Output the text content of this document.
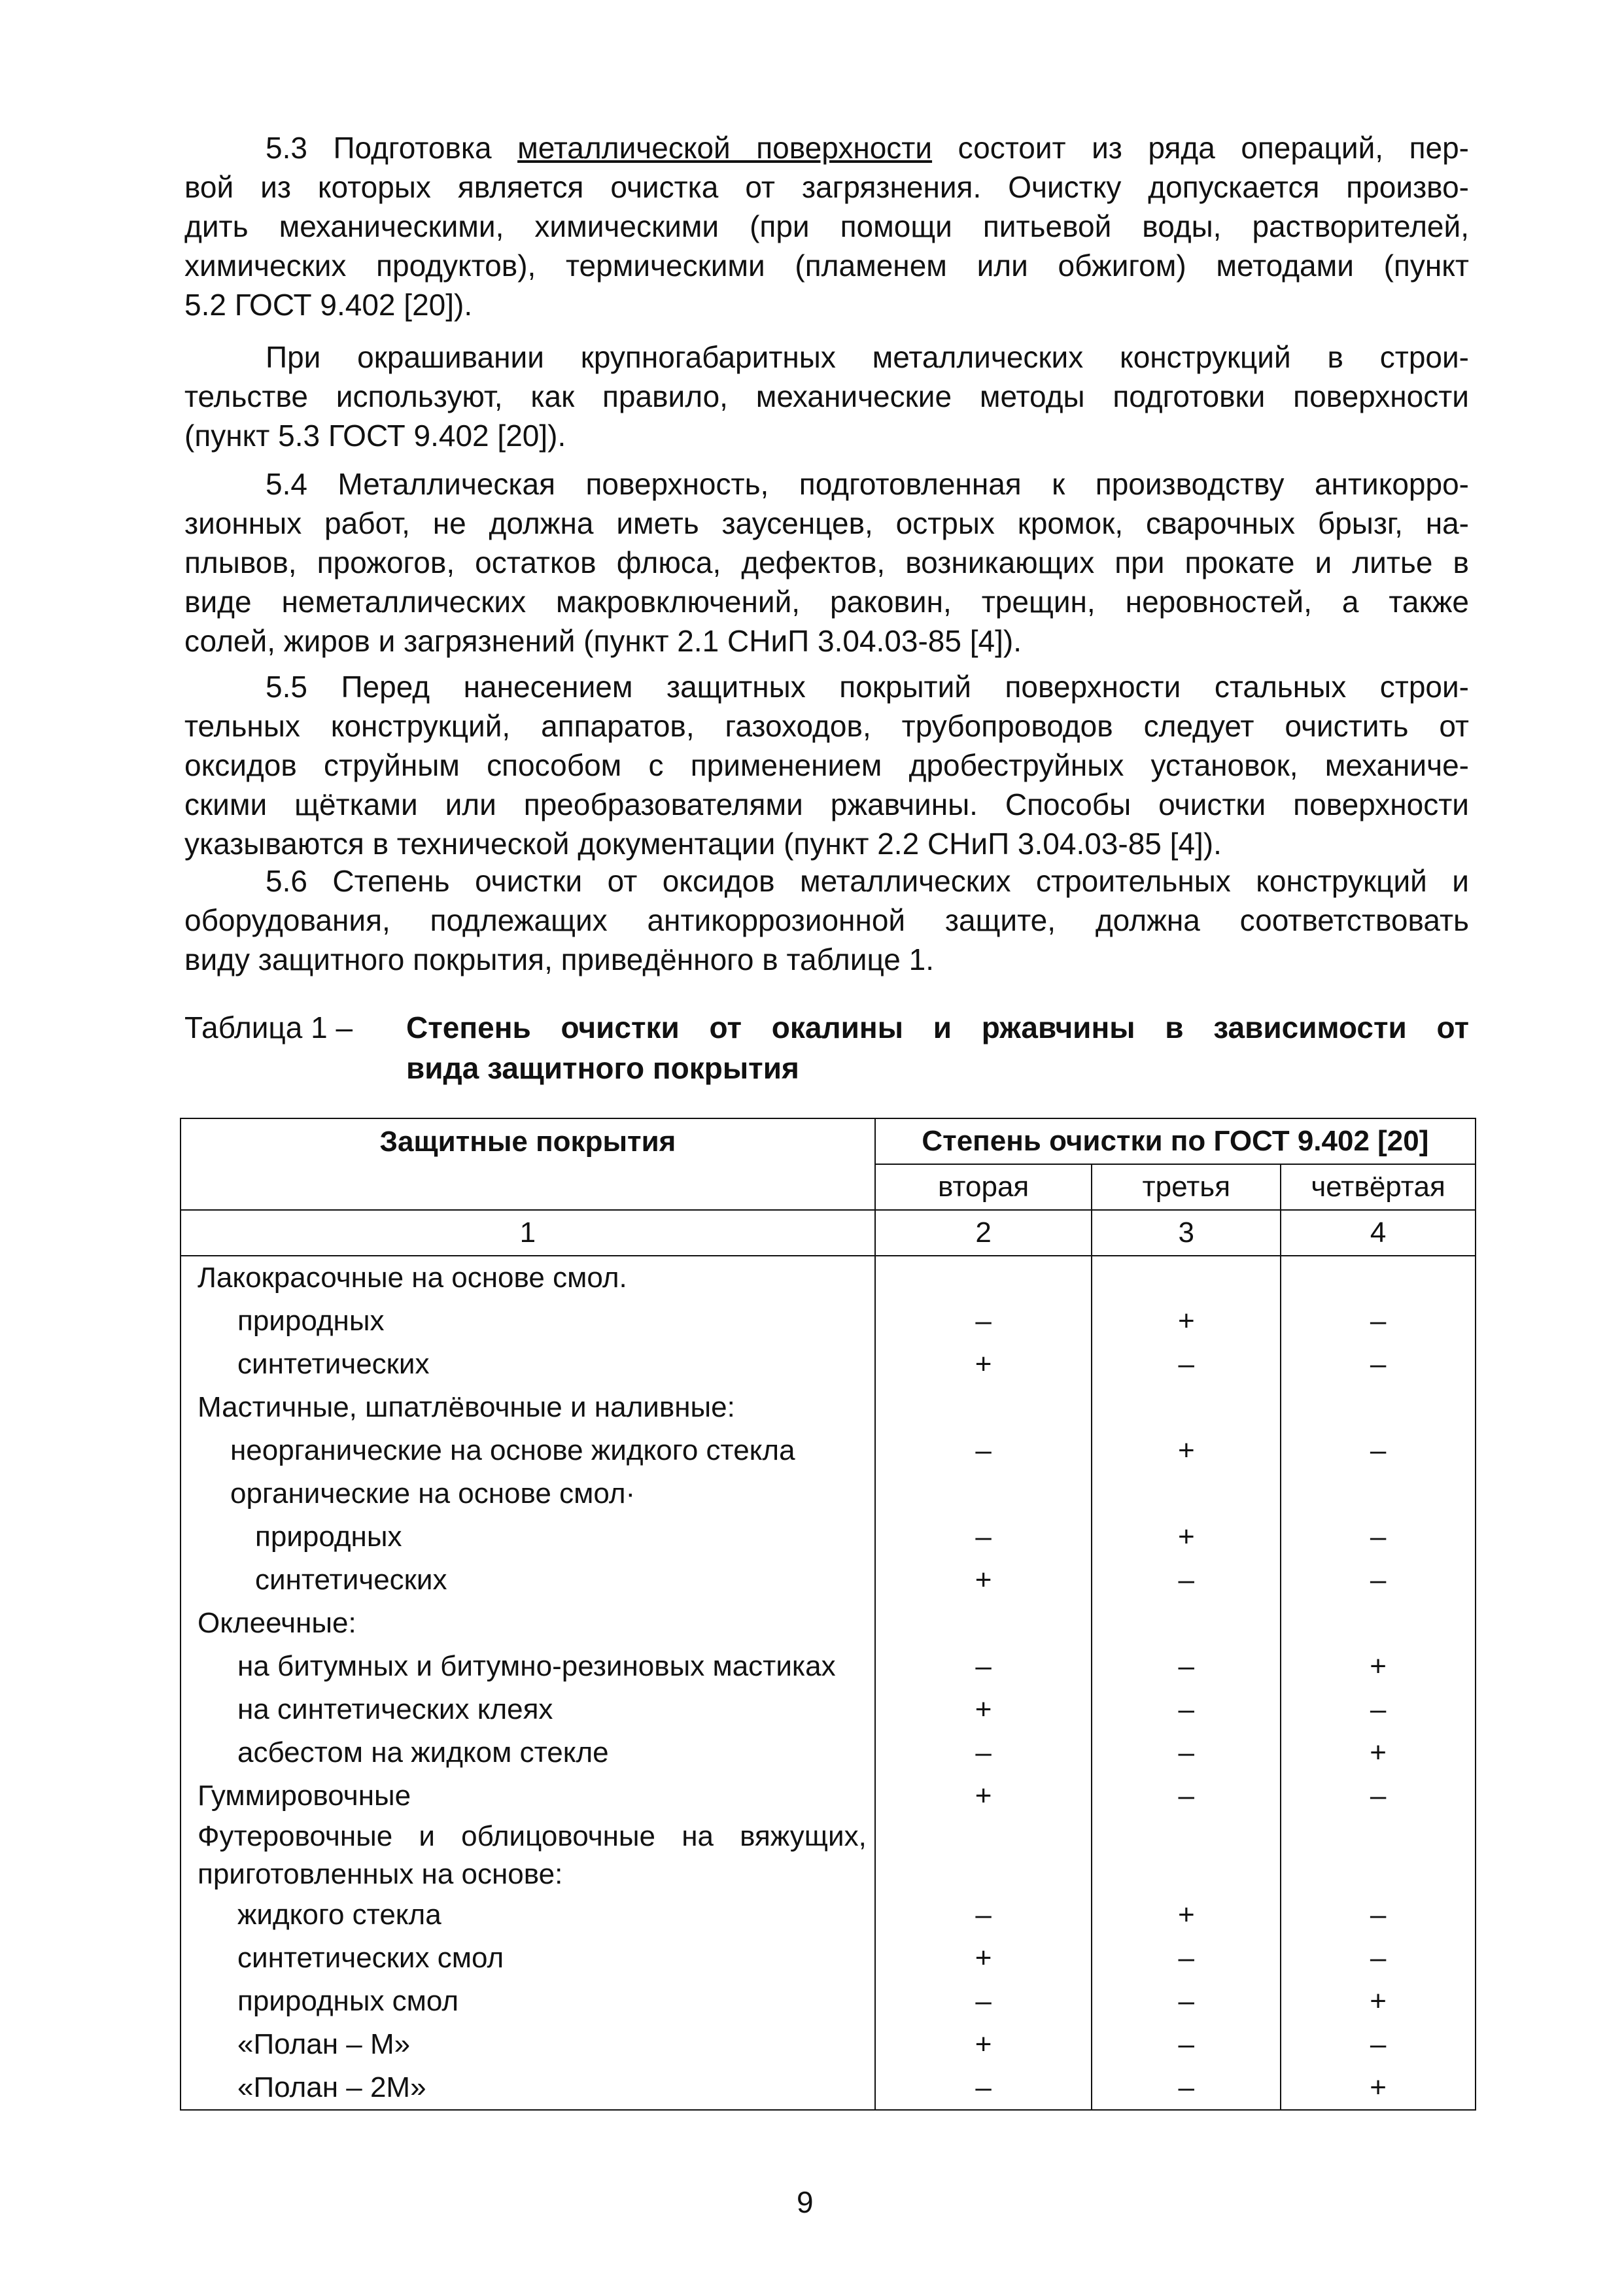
5.3 Подготовка металлической поверхности состоит из ряда операций, пер-
вой из которых является очистка от загрязнения. Очистку допускается произво-
дить механическими, химическими (при помощи питьевой воды, растворителей,
химических продуктов), термическими (пламенем или обжигом) методами (пункт
5.2 ГОСТ 9.402 [20]).
При окрашивании крупногабаритных металлических конструкций в строи-
тельстве используют, как правило, механические методы подготовки поверхности
(пункт 5.3 ГОСТ 9.402 [20]).
5.4 Металлическая поверхность, подготовленная к производству антикорро-
зионных работ, не должна иметь заусенцев, острых кромок, сварочных брызг, на-
плывов, прожогов, остатков флюса, дефектов, возникающих при прокате и литье в
виде неметаллических макровключений, раковин, трещин, неровностей, а также
солей, жиров и загрязнений (пункт 2.1 СНиП 3.04.03-85 [4]).
5.5 Перед нанесением защитных покрытий поверхности стальных строи-
тельных конструкций, аппаратов, газоходов, трубопроводов следует очистить от
оксидов струйным способом с применением дробеструйных установок, механиче-
скими щётками или преобразователями ржавчины. Способы очистки поверхности
указываются в технической документации (пункт 2.2 СНиП 3.04.03-85 [4]).
5.6 Степень очистки от оксидов металлических строительных конструкций и
оборудования, подлежащих антикоррозионной защите, должна соответствовать
виду защитного покрытия, приведённого в таблице 1.
Таблица 1 – Степень очистки от окалины и ржавчины в зависимости от
вида защитного покрытия
Защитные покрытия	Степень очистки по ГОСТ 9.402 [20]		
	вторая	третья	четвёртая
1	2	3	4
Лакокрасочные на основе смол.			
природных	–	+	–
синтетических	+	–	–
Мастичные, шпатлёвочные и наливные:			
неорганические на основе жидкого стекла	–	+	–
органические на основе смол·			
природных	–	+	–
синтетических	+	–	–
Оклеечные:			
на битумных и битумно-резиновых мастиках	–	–	+
на синтетических клеях	+	–	–
асбестом на жидком стекле	–	–	+
Гуммировочные	+	–	–
Футеровочные и облицовочные на вяжущих, приготовленных на основе:			
жидкого стекла	–	+	–
синтетических смол	+	–	–
природных смол	–	–	+
«Полан – М»	+	–	–
«Полан – 2М»	–	–	+
9
